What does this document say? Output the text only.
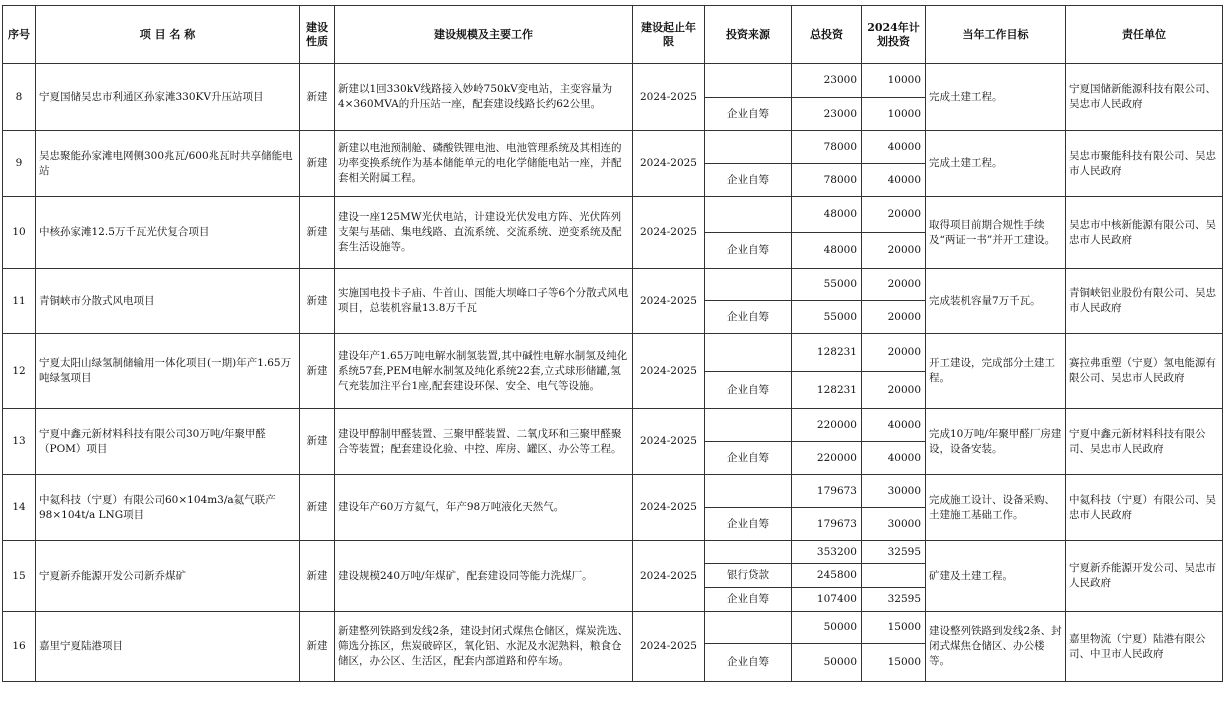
序号	项 目 名 称	建设性质	建设规模及主要工作	建设起止年限	投资来源	总投资	2024年计划投资	当年工作目标	责任单位
8	宁夏国储吴忠市利通区孙家滩330KV升压站项目	新建	新建以1回330kV线路接入妙岭750kV变电站，主变容量为4×360MVA的升压站一座，配套建设线路长约62公里。	2024-2025		23000	10000	完成土建工程。	宁夏国储新能源科技有限公司、吴忠市人民政府
					企业自筹	23000	10000		
9	吴忠聚能孙家滩电网侧300兆瓦/600兆瓦时共享储能电站	新建	新建以电池预制舱、磷酸铁锂电池、电池管理系统及其相连的功率变换系统作为基本储能单元的电化学储能电站一座，并配套相关附属工程。	2024-2025		78000	40000	完成土建工程。	吴忠市聚能科技有限公司、吴忠市人民政府
					企业自筹	78000	40000		
10	中核孙家滩12.5万千瓦光伏复合项目	新建	建设一座125MW光伏电站，计建设光伏发电方阵、光伏阵列支架与基础、集电线路、直流系统、交流系统、逆变系统及配套生活设施等。	2024-2025		48000	20000	取得项目前期合规性手续及“两证一书”并开工建设。	吴忠市中核新能源有限公司、吴忠市人民政府
					企业自筹	48000	20000		
11	青铜峡市分散式风电项目	新建	实施国电投卡子庙、牛首山、国能大坝峰口子等6个分散式风电项目，总装机容量13.8万千瓦	2024-2025		55000	20000	完成装机容量7万千瓦。	青铜峡铝业股份有限公司、吴忠市人民政府
					企业自筹	55000	20000		
12	宁夏太阳山绿氢制储输用一体化项目(一期)年产1.65万吨绿氢项目	新建	建设年产1.65万吨电解水制氢装置,其中碱性电解水制氢及纯化系统57套,PEM电解水制氢及纯化系统22套,立式球形储罐,氢气充装加注平台1座,配套建设环保、安全、电气等设施。	2024-2025		128231	20000	开工建设，完成部分土建工程。	赛拉弗重塑（宁夏）氢电能源有限公司、吴忠市人民政府
					企业自筹	128231	20000		
13	宁夏中鑫元新材料科技有限公司30万吨/年聚甲醛（POM）项目	新建	建设甲醇制甲醛装置、三聚甲醛装置、二氧戊环和三聚甲醛聚合等装置；配套建设化验、中控、库房、罐区、办公等工程。	2024-2025		220000	40000	完成10万吨/年聚甲醛厂房建设，设备安装。	宁夏中鑫元新材料科技有限公司、吴忠市人民政府
					企业自筹	220000	40000		
14	中氦科技（宁夏）有限公司60×104m3/a氦气联产98×104t/a LNG项目	新建	建设年产60万方氦气，年产98万吨液化天然气。	2024-2025		179673	30000	完成施工设计、设备采购、土建施工基础工作。	中氦科技（宁夏）有限公司、吴忠市人民政府
					企业自筹	179673	30000		
15	宁夏新乔能源开发公司新乔煤矿	新建	建设规模240万吨/年煤矿，配套建设同等能力洗煤厂。	2024-2025		353200	32595	矿建及土建工程。	宁夏新乔能源开发公司、吴忠市人民政府
					银行贷款	245800			
					企业自筹	107400	32595		
16	嘉里宁夏陆港项目	新建	新建整列铁路到发线2条，建设封闭式煤焦仓储区，煤炭洗选、筛选分拣区，焦炭破碎区，氧化铝、水泥及水泥熟料，粮食仓储区，办公区、生活区，配套内部道路和停车场。	2024-2025		50000	15000	建设整列铁路到发线2条、封闭式煤焦仓储区、办公楼等。	嘉里物流（宁夏）陆港有限公司、中卫市人民政府
					企业自筹	50000	15000		
